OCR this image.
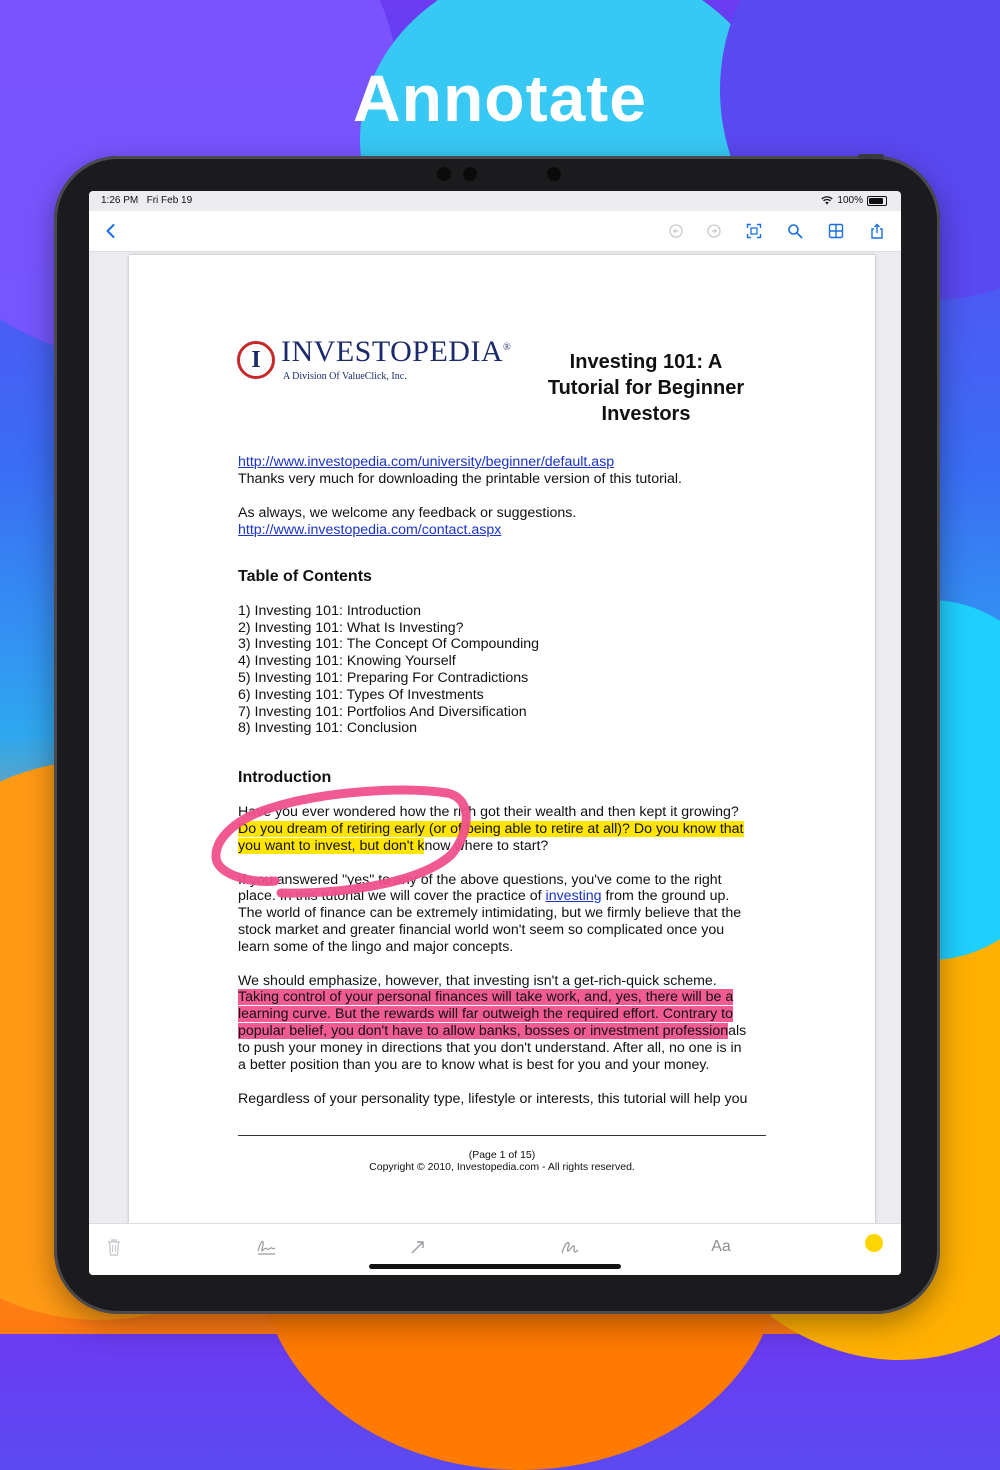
Annotate
1:26 PM Fri Feb 19	100%
I INVESTOPEDIA®
A Division Of ValueClick, Inc.
Investing 101: A
Tutorial for Beginner
Investors
http://www.investopedia.com/university/beginner/default.asp
Thanks very much for downloading the printable version of this tutorial.
As always, we welcome any feedback or suggestions.
http://www.investopedia.com/contact.aspx
Table of Contents
1) Investing 101: Introduction
2) Investing 101: What Is Investing?
3) Investing 101: The Concept Of Compounding
4) Investing 101: Knowing Yourself
5) Investing 101: Preparing For Contradictions
6) Investing 101: Types Of Investments
7) Investing 101: Portfolios And Diversification
8) Investing 101: Conclusion
Introduction
Have you ever wondered how the rich got their wealth and then kept it growing?
Do you dream of retiring early (or of being able to retire at all)? Do you know that
you want to invest, but don't know where to start?
If you answered "yes" to any of the above questions, you've come to the right
place. In this tutorial we will cover the practice of investing from the ground up.
The world of finance can be extremely intimidating, but we firmly believe that the
stock market and greater financial world won't seem so complicated once you
learn some of the lingo and major concepts.
We should emphasize, however, that investing isn't a get-rich-quick scheme.
Taking control of your personal finances will take work, and, yes, there will be a
learning curve. But the rewards will far outweigh the required effort. Contrary to
popular belief, you don't have to allow banks, bosses or investment professionals
to push your money in directions that you don't understand. After all, no one is in
a better position than you are to know what is best for you and your money.
Regardless of your personality type, lifestyle or interests, this tutorial will help you
(Page 1 of 15)
Copyright © 2010, Investopedia.com - All rights reserved.
Aa
